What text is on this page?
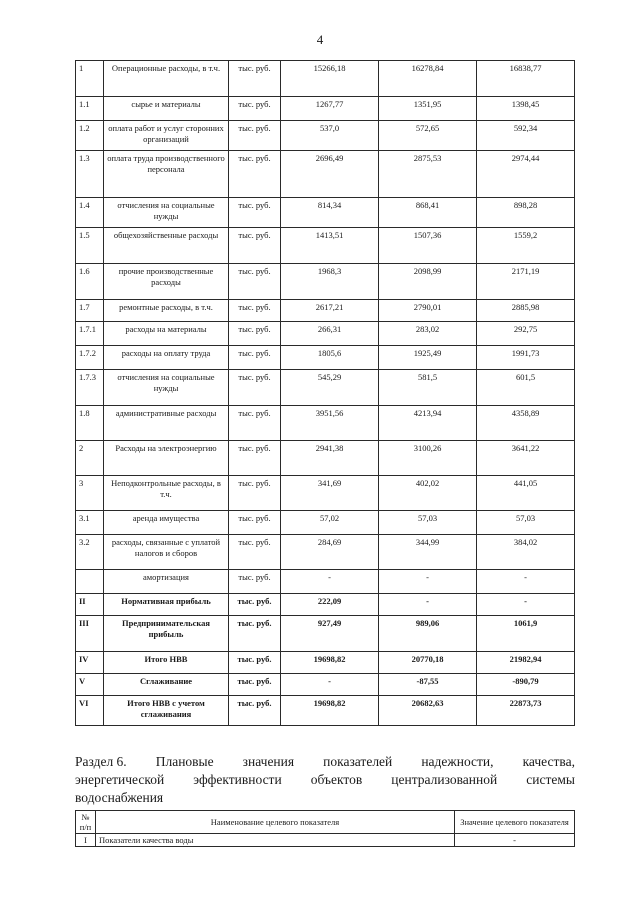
4
1	Операционные расходы, в т.ч.	тыс. руб.	15266,18	16278,84	16838,77
1.1	сырье и материалы	тыс. руб.	1267,77	1351,95	1398,45
1.2	оплата работ и услуг сторонних организаций	тыс. руб.	537,0	572,65	592,34
1.3	оплата труда производственного персонала	тыс. руб.	2696,49	2875,53	2974,44
1.4	отчисления на социальные нужды	тыс. руб.	814,34	868,41	898,28
1.5	общехозяйственные расходы	тыс. руб.	1413,51	1507,36	1559,2
1.6	прочие производственные расходы	тыс. руб.	1968,3	2098,99	2171,19
1.7	ремонтные расходы, в т.ч.	тыс. руб.	2617,21	2790,01	2885,98
1.7.1	расходы на материалы	тыс. руб.	266,31	283,02	292,75
1.7.2	расходы на оплату труда	тыс. руб.	1805,6	1925,49	1991,73
1.7.3	отчисления на социальные нужды	тыс. руб.	545,29	581,5	601,5
1.8	административные расходы	тыс. руб.	3951,56	4213,94	4358,89
2	Расходы на электроэнергию	тыс. руб.	2941,38	3100,26	3641,22
3	Неподконтрольные расходы, в т.ч.	тыс. руб.	341,69	402,02	441,05
3.1	аренда имущества	тыс. руб.	57,02	57,03	57,03
3.2	расходы, связанные с уплатой налогов и сборов	тыс. руб.	284,69	344,99	384,02
	амортизация	тыс. руб.	-	-	-
II	Нормативная прибыль	тыс. руб.	222,09	-	-
III	Предпринимательская прибыль	тыс. руб.	927,49	989,06	1061,9
IV	Итого НВВ	тыс. руб.	19698,82	20770,18	21982,94
V	Сглаживание	тыс. руб.	-	-87,55	-890,79
VI	Итого НВВ с учетом сглаживания	тыс. руб.	19698,82	20682,63	22873,73
Раздел 6. Плановые значения показателей надежности, качества,
энергетической эффективности объектов централизованной системы
водоснабжения
№ п/п	Наименование целевого показателя	Значение целевого показателя
I	Показатели качества воды	-
